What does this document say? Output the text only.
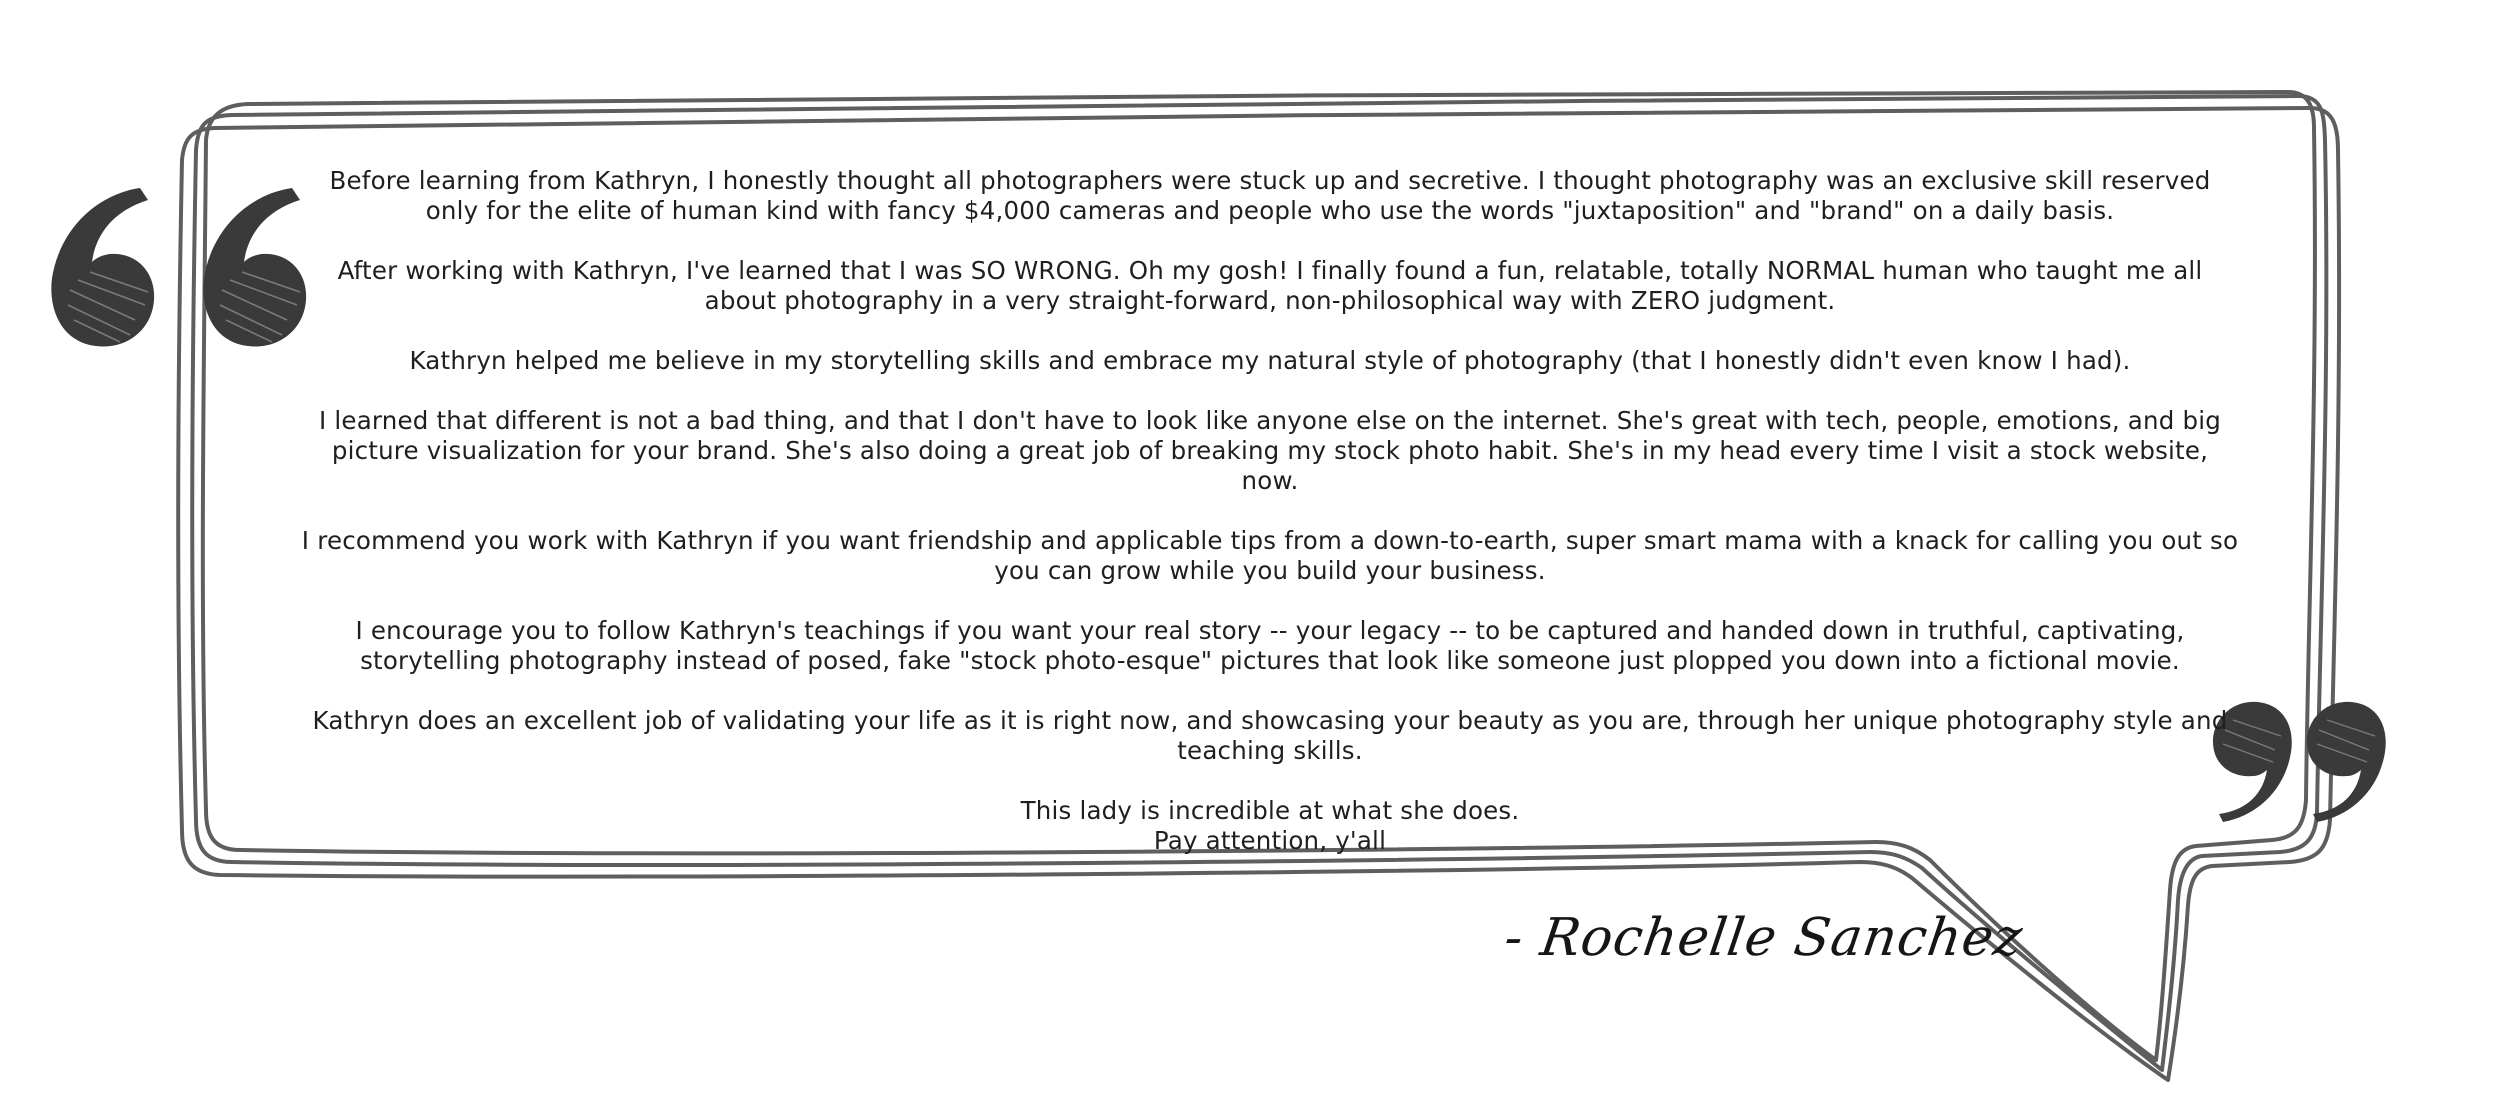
Before learning from Kathryn, I honestly thought all photographers were stuck up and secretive. I thought photography was an exclusive skill reserved only for the elite of human kind with fancy $4,000 cameras and people who use the words "juxtaposition" and "brand" on a daily basis.

After working with Kathryn, I've learned that I was SO WRONG. Oh my gosh! I finally found a fun, relatable, totally NORMAL human who taught me all about photography in a very straight-forward, non-philosophical way with ZERO judgment.

Kathryn helped me believe in my storytelling skills and embrace my natural style of photography (that I honestly didn't even know I had).

I learned that different is not a bad thing, and that I don't have to look like anyone else on the internet. She's great with tech, people, emotions, and big picture visualization for your brand. She's also doing a great job of breaking my stock photo habit. She's in my head every time I visit a stock website, now.

I recommend you work with Kathryn if you want friendship and applicable tips from a down-to-earth, super smart mama with a knack for calling you out so you can grow while you build your business.

I encourage you to follow Kathryn's teachings if you want your real story -- your legacy -- to be captured and handed down in truthful, captivating, storytelling photography instead of posed, fake "stock photo-esque" pictures that look like someone just plopped you down into a fictional movie.

Kathryn does an excellent job of validating your life as it is right now, and showcasing your beauty as you are, through her unique photography style and teaching skills.

This lady is incredible at what she does.
Pay attention, y'all

- Rochelle Sanchez
